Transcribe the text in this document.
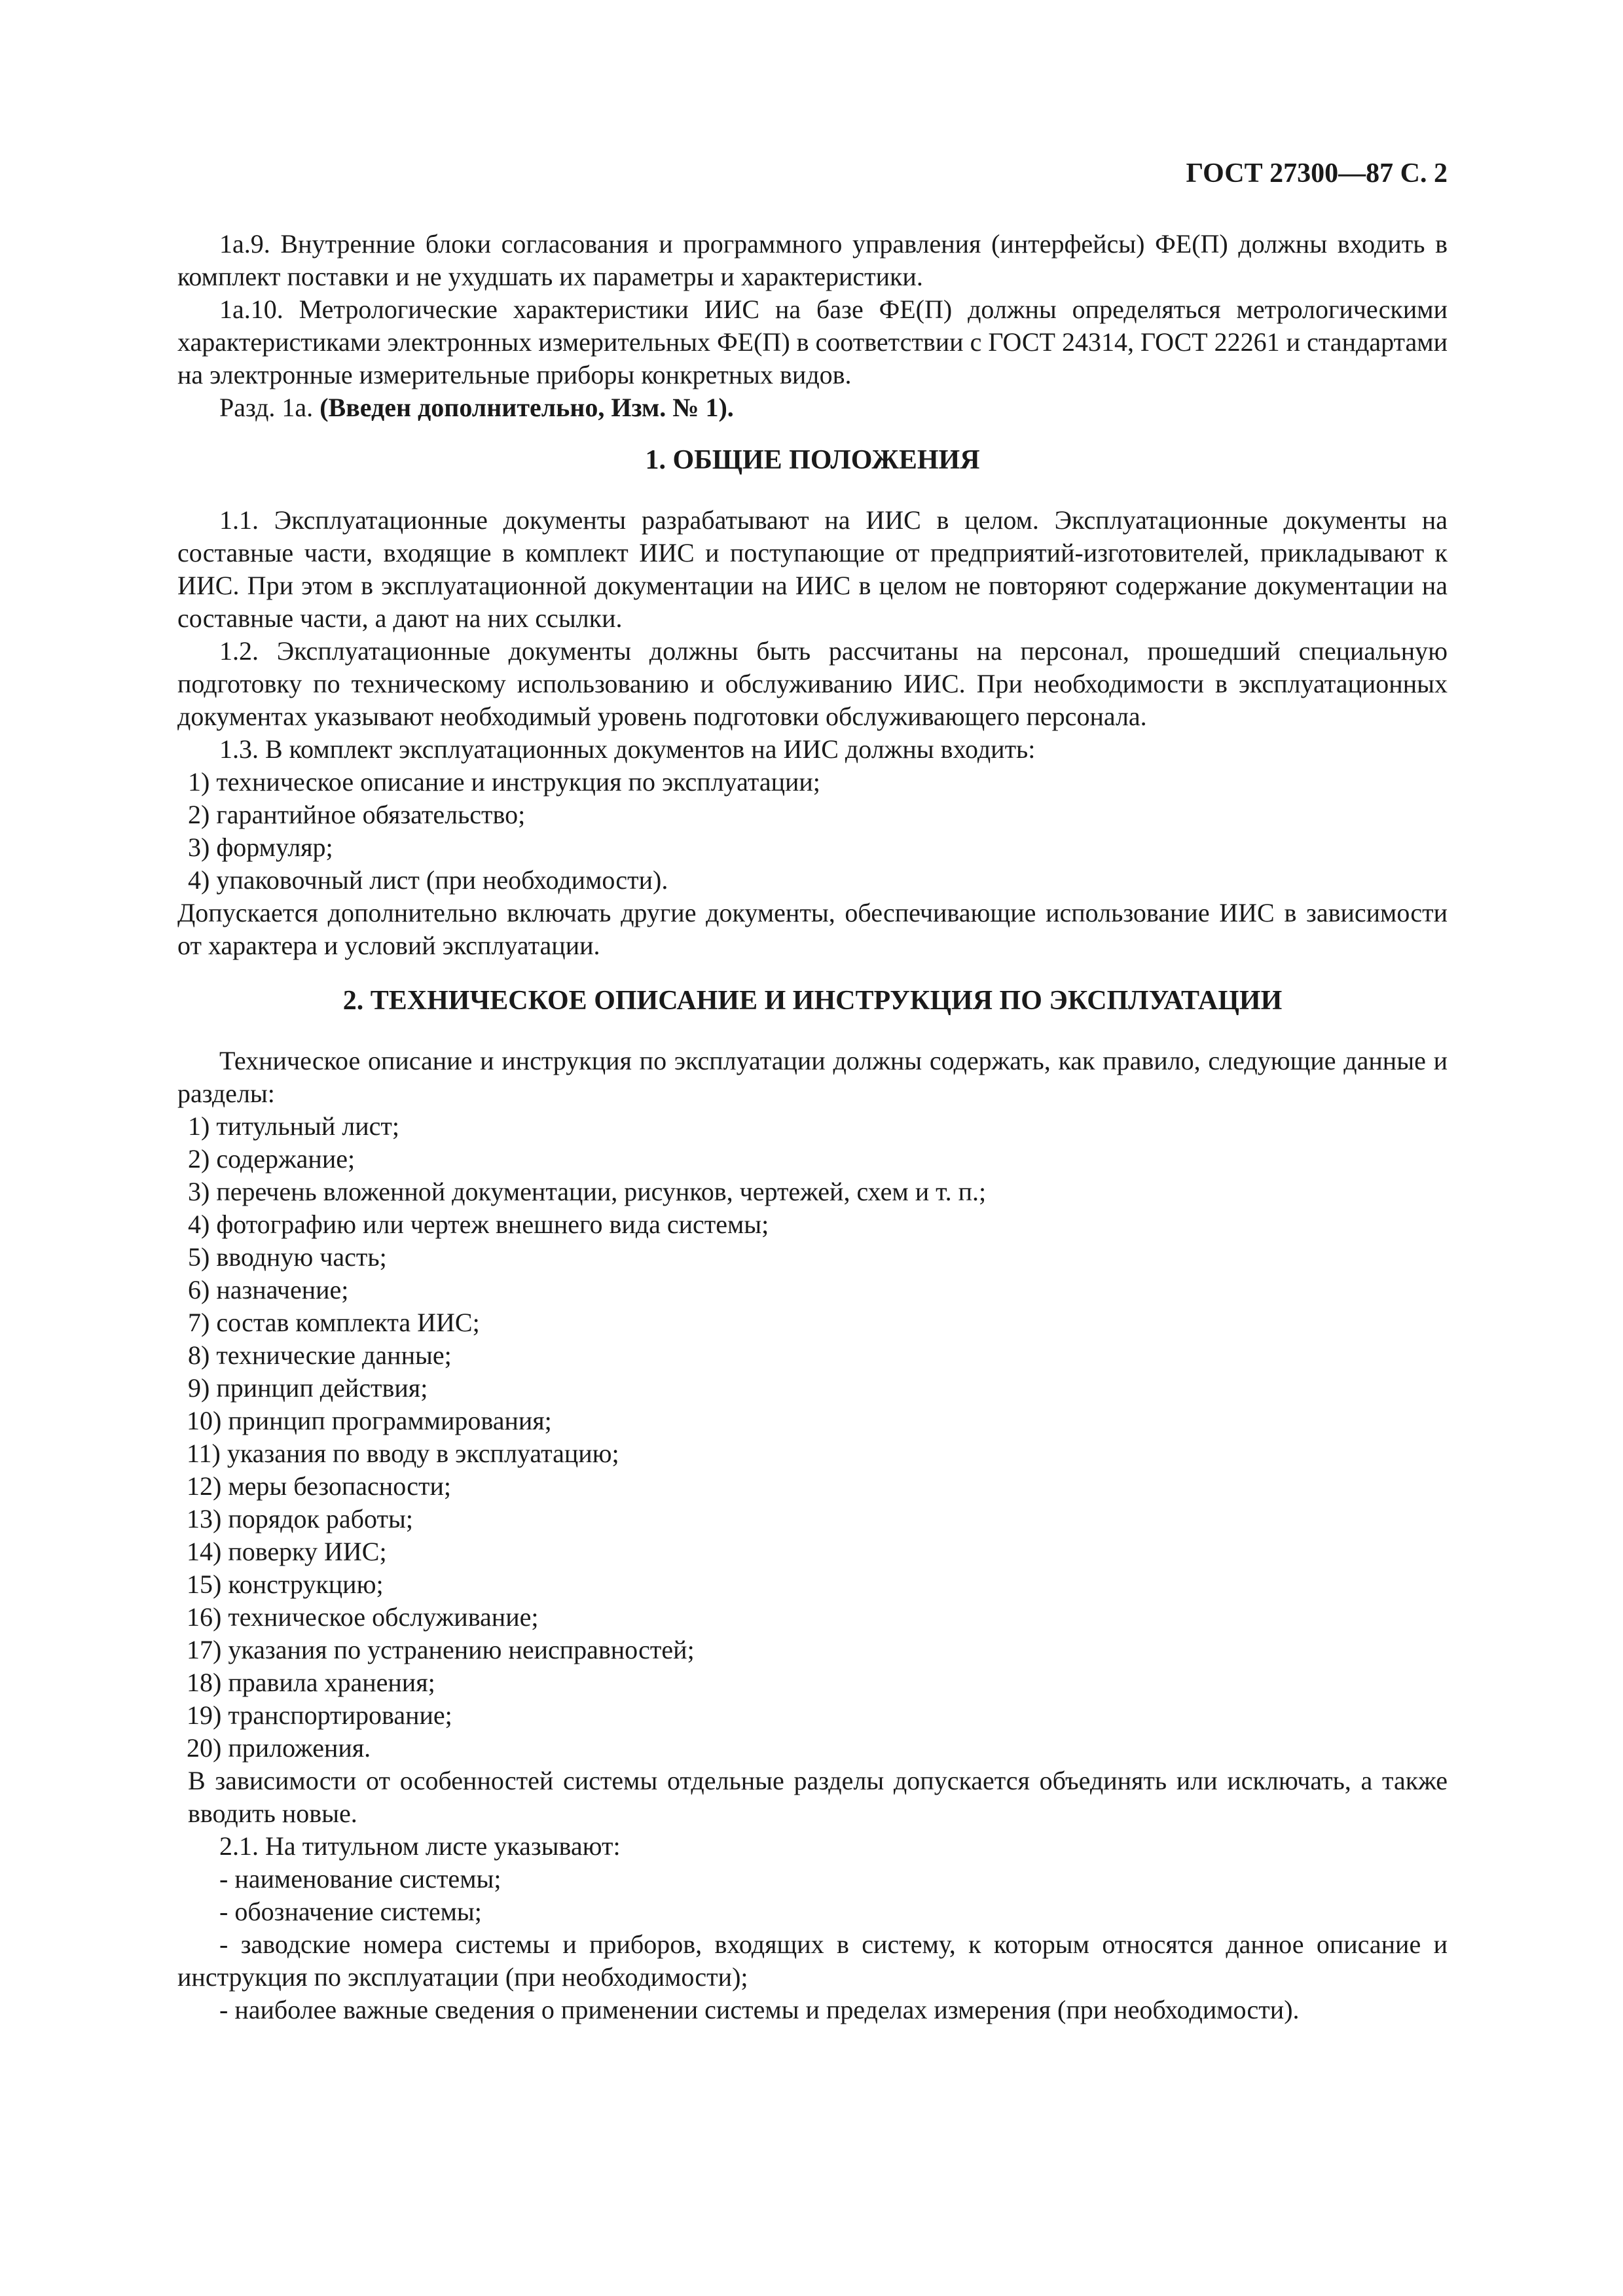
ГОСТ 27300—87 С. 2

1а.9. Внутренние блоки согласования и программного управления (интерфейсы) ФЕ(П) должны входить в комплект поставки и не ухудшать их параметры и характеристики.

1а.10. Метрологические характеристики ИИС на базе ФЕ(П) должны определяться метрологическими характеристиками электронных измерительных ФЕ(П) в соответствии с ГОСТ 24314, ГОСТ 22261 и стандартами на электронные измерительные приборы конкретных видов.

Разд. 1а. (Введен дополнительно, Изм. № 1).

1. ОБЩИЕ ПОЛОЖЕНИЯ

1.1. Эксплуатационные документы разрабатывают на ИИС в целом. Эксплуатационные документы на составные части, входящие в комплект ИИС и поступающие от предприятий-изготовителей, прикладывают к ИИС. При этом в эксплуатационной документации на ИИС в целом не повторяют содержание документации на составные части, а дают на них ссылки.

1.2. Эксплуатационные документы должны быть рассчитаны на персонал, прошедший специальную подготовку по техническому использованию и обслуживанию ИИС. При необходимости в эксплуатационных документах указывают необходимый уровень подготовки обслуживающего персонала.

1.3. В комплект эксплуатационных документов на ИИС должны входить:

1) техническое описание и инструкция по эксплуатации;

2) гарантийное обязательство;

3) формуляр;

4) упаковочный лист (при необходимости).

Допускается дополнительно включать другие документы, обеспечивающие использование ИИС в зависимости от характера и условий эксплуатации.

2. ТЕХНИЧЕСКОЕ ОПИСАНИЕ И ИНСТРУКЦИЯ ПО ЭКСПЛУАТАЦИИ

Техническое описание и инструкция по эксплуатации должны содержать, как правило, следующие данные и разделы:

1) титульный лист;

2) содержание;

3) перечень вложенной документации, рисунков, чертежей, схем и т. п.;

4) фотографию или чертеж внешнего вида системы;

5) вводную часть;

6) назначение;

7) состав комплекта ИИС;

8) технические данные;

9) принцип действия;

10) принцип программирования;

11) указания по вводу в эксплуатацию;

12) меры безопасности;

13) порядок работы;

14) поверку ИИС;

15) конструкцию;

16) техническое обслуживание;

17) указания по устранению неисправностей;

18) правила хранения;

19) транспортирование;

20) приложения.

В зависимости от особенностей системы отдельные разделы допускается объединять или исключать, а также вводить новые.

2.1. На титульном листе указывают:

- наименование системы;

- обозначение системы;

- заводские номера системы и приборов, входящих в систему, к которым относятся данное описание и инструкция по эксплуатации (при необходимости);

- наиболее важные сведения о применении системы и пределах измерения (при необходимости).
